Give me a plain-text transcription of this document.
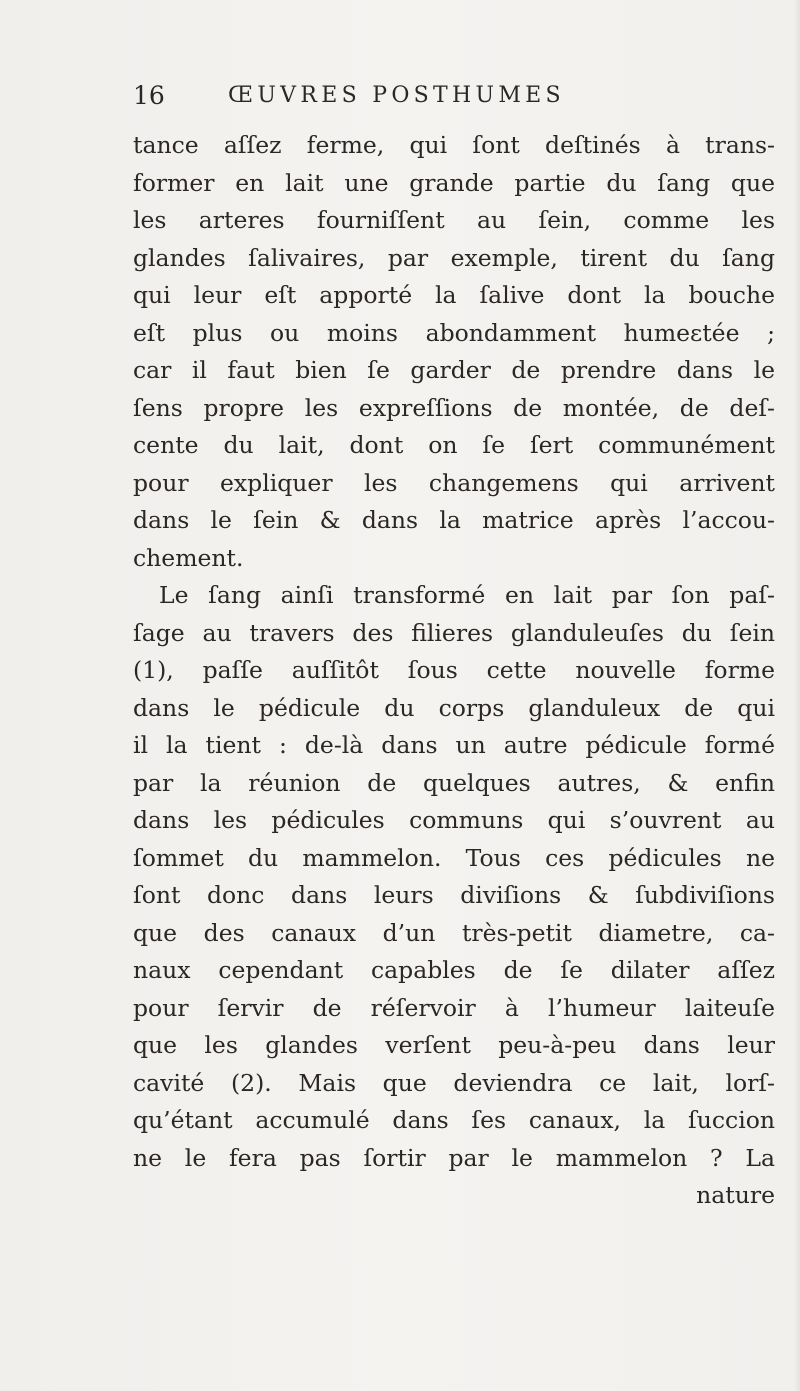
16	ŒUVRES POSTHUMES
tance aſſez ferme, qui ſont deſtinés à trans-
former en lait une grande partie du ſang que
les arteres fourniſſent au ſein, comme les
glandes ſalivaires, par exemple, tirent du ſang
qui leur eſt apporté la ſalive dont la bouche
eſt plus ou moins abondamment humeɛtée ;
car il faut bien ſe garder de prendre dans le
ſens propre les expreſſions de montée, de deſ-
cente du lait, dont on ſe ſert communément
pour expliquer les changemens qui arrivent
dans le ſein & dans la matrice après l’accou-
chement.
Le ſang ainſi transformé en lait par ſon paſ-
ſage au travers des filieres glanduleuſes du ſein
(1), paſſe auſſitôt ſous cette nouvelle forme
dans le pédicule du corps glanduleux de qui
il la tient : de-là dans un autre pédicule formé
par la réunion de quelques autres, & enfin
dans les pédicules communs qui s’ouvrent au
ſommet du mammelon. Tous ces pédicules ne
ſont donc dans leurs diviſions & ſubdiviſions
que des canaux d’un très-petit diametre, ca-
naux cependant capables de ſe dilater aſſez
pour ſervir de réſervoir à l’humeur laiteuſe
que les glandes verſent peu-à-peu dans leur
cavité (2). Mais que deviendra ce lait, lorſ-
qu’étant accumulé dans ſes canaux, la ſuccion
ne le fera pas ſortir par le mammelon ? La
nature
